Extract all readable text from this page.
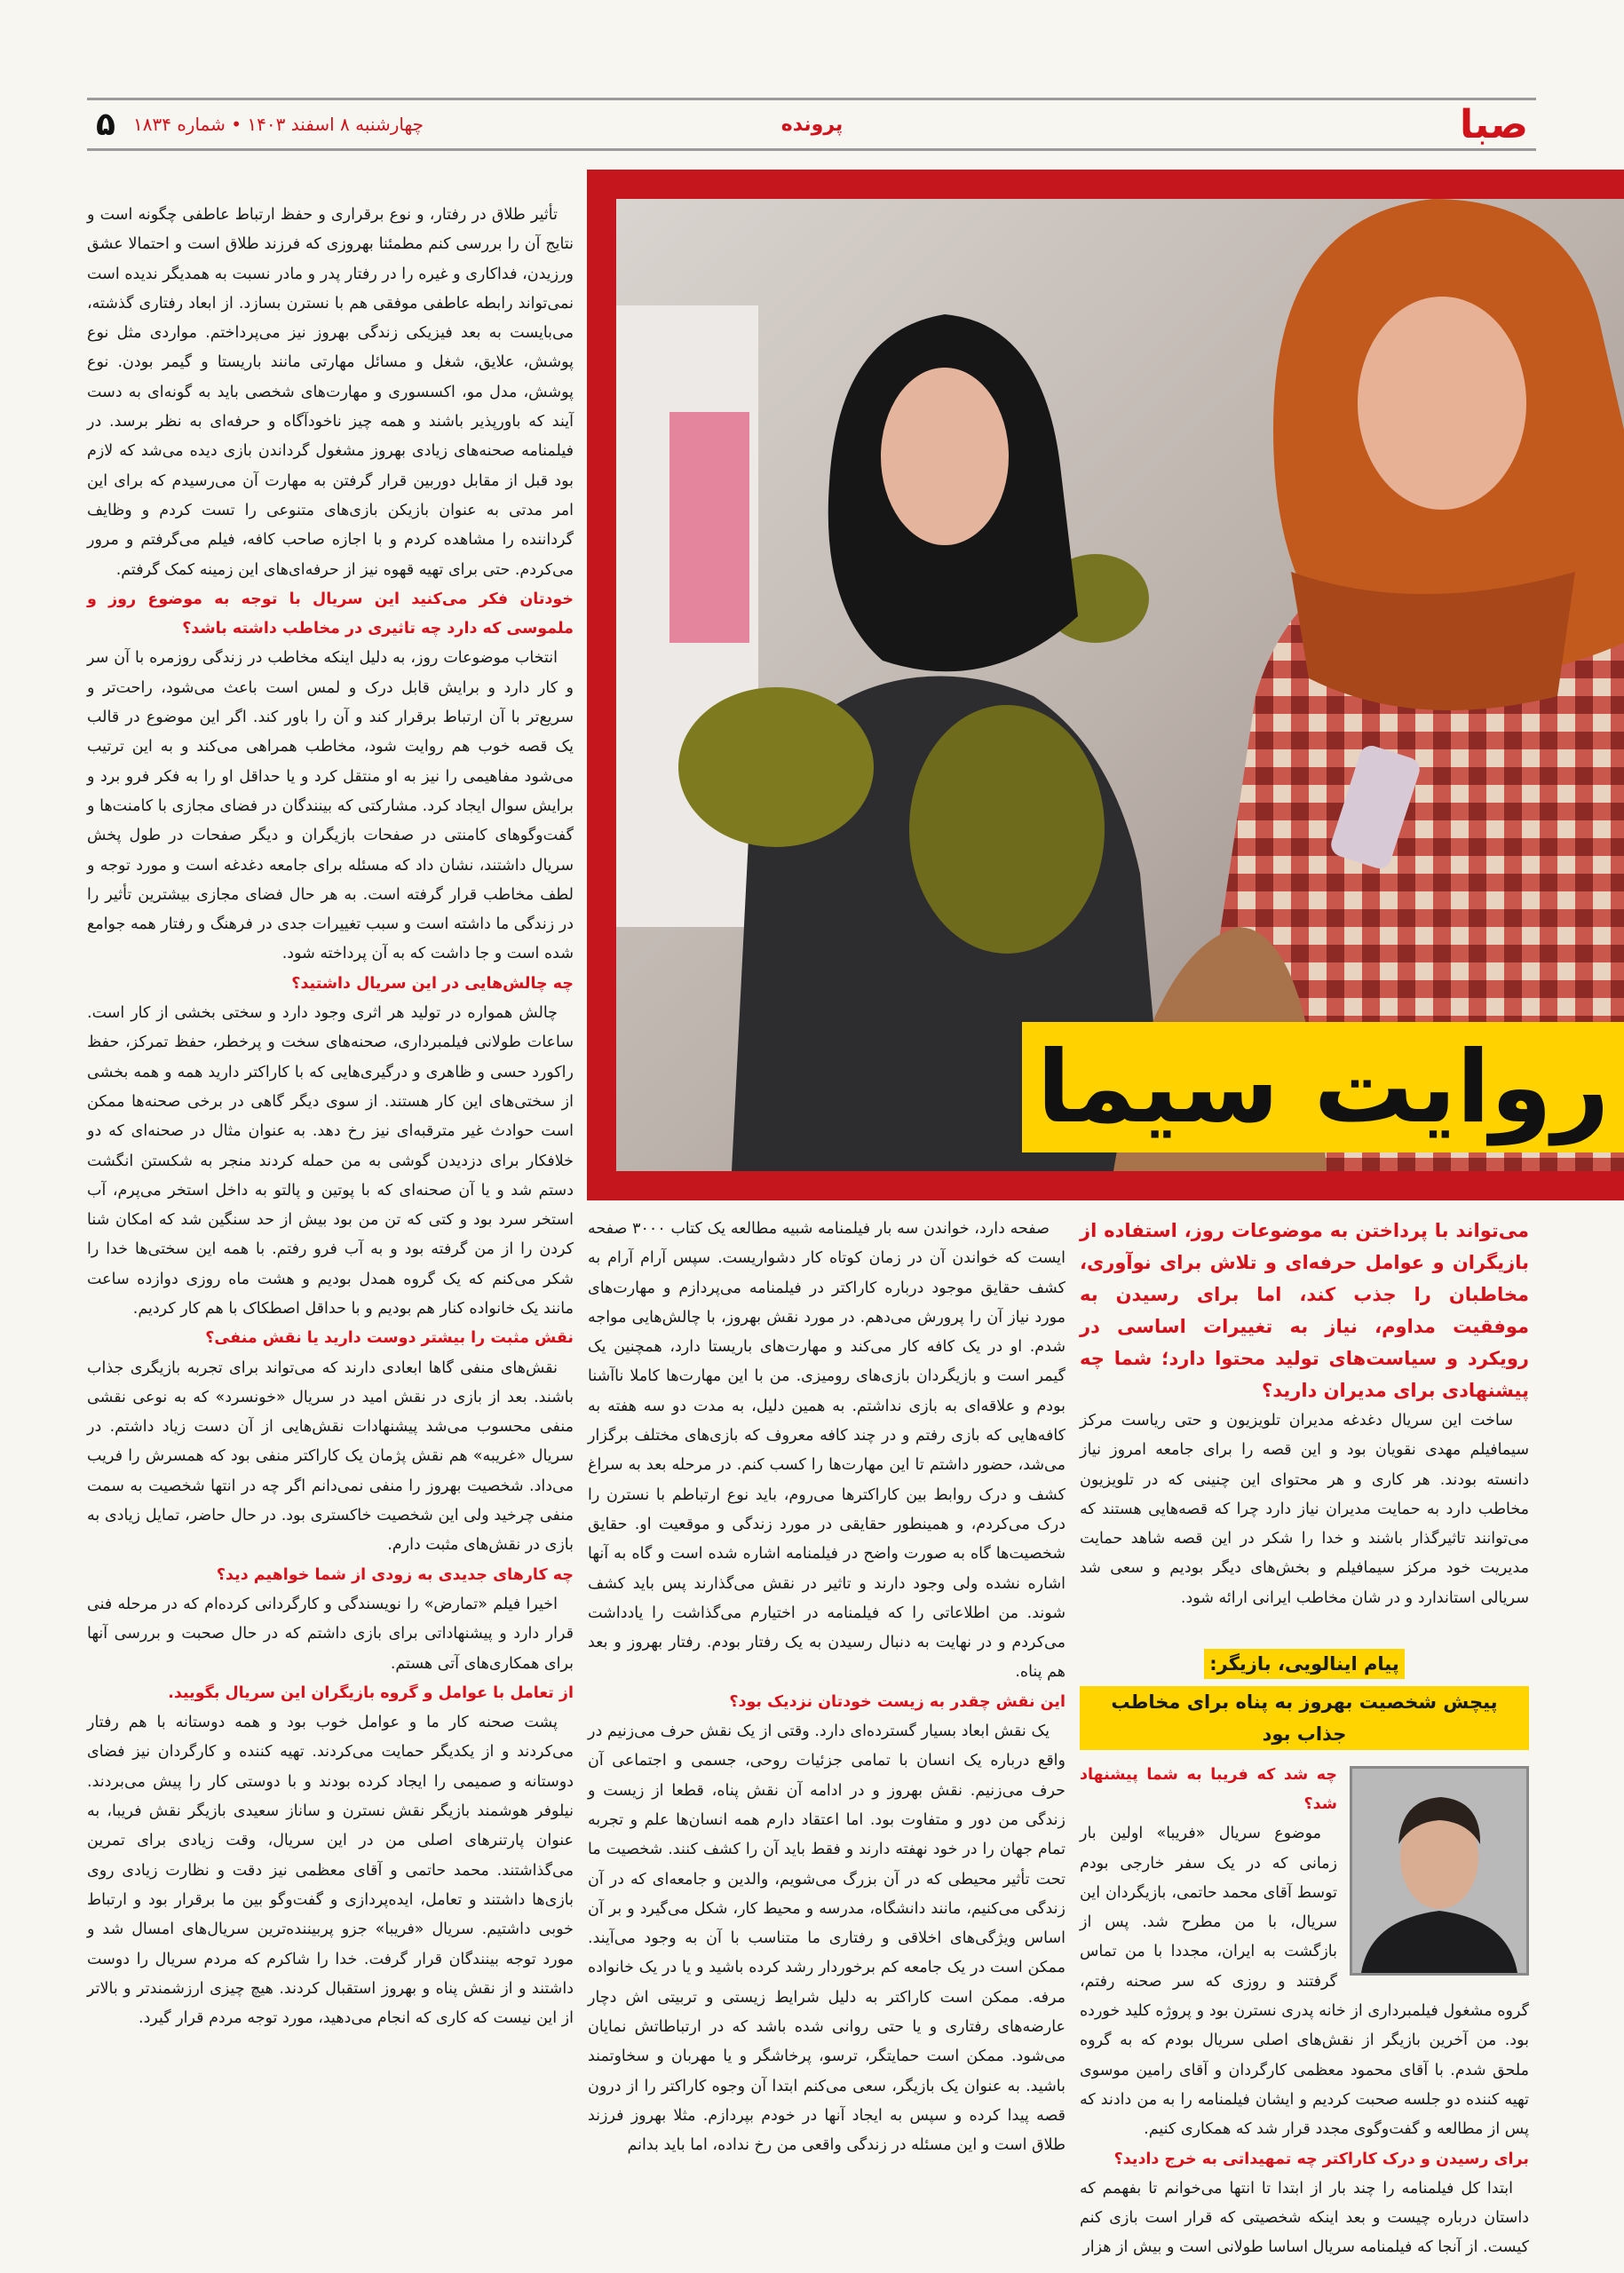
صبا
پرونده
چهارشنبه ۸ اسفند ۱۴۰۳ • شماره ۱۸۳۴
۵
روایت سیما

تأثیر طلاق در رفتار، و نوع برقراری و حفظ ارتباط عاطفی چگونه است و نتایج آن را بررسی کنم مطمئنا بهروزی که فرزند طلاق است و احتمالا عشق ورزیدن، فداکاری و غیره را در رفتار پدر و مادر نسبت به همدیگر ندیده است نمی‌تواند رابطه عاطفی موفقی هم با نسترن بسازد. از ابعاد رفتاری گذشته، می‌بایست به بعد فیزیکی زندگی بهروز نیز می‌پرداختم. مواردی مثل نوع پوشش، علایق، شغل و مسائل مهارتی مانند باریستا و گیمر بودن. نوع پوشش، مدل مو، اکسسوری و مهارت‌های شخصی باید به گونه‌ای به دست آیند که باورپذیر باشند و همه چیز ناخودآگاه و حرفه‌ای به نظر برسد. در فیلمنامه صحنه‌های زیادی بهروز مشغول گرداندن بازی دیده می‌شد که لازم بود قبل از مقابل دوربین قرار گرفتن به مهارت آن می‌رسیدم که برای این امر مدتی به عنوان بازیکن بازی‌های متنوعی را تست کردم و وظایف گرداننده را مشاهده کردم و با اجازه صاحب کافه، فیلم می‌گرفتم و مرور می‌کردم. حتی برای تهیه قهوه نیز از حرفه‌ای‌های این زمینه کمک گرفتم.

خودتان فکر می‌کنید این سریال با توجه به موضوع روز و ملموسی که دارد چه تاثیری در مخاطب داشته باشد؟

انتخاب موضوعات روز، به دلیل اینکه مخاطب در زندگی روزمره با آن سر و کار دارد و برایش قابل درک و لمس است باعث می‌شود، راحت‌تر و سریع‌تر با آن ارتباط برقرار کند و آن را باور کند. اگر این موضوع در قالب یک قصه خوب هم روایت شود، مخاطب همراهی می‌کند و به این ترتیب می‌شود مفاهیمی را نیز به او منتقل کرد و یا حداقل او را به فکر فرو برد و برایش سوال ایجاد کرد. مشارکتی که بینندگان در فضای مجازی با کامنت‌ها و گفت‌وگوهای کامنتی در صفحات بازیگران و دیگر صفحات در طول پخش سریال داشتند، نشان داد که مسئله برای جامعه دغدغه است و مورد توجه و لطف مخاطب قرار گرفته است. به هر حال فضای مجازی بیشترین تأثیر را در زندگی ما داشته است و سبب تغییرات جدی در فرهنگ و رفتار همه جوامع شده است و جا داشت که به آن پرداخته شود.

چه چالش‌هایی در این سریال داشتید؟

چالش همواره در تولید هر اثری وجود دارد و سختی بخشی از کار است. ساعات طولانی فیلمبرداری، صحنه‌های سخت و پرخطر، حفظ تمرکز، حفظ راکورد حسی و ظاهری و درگیری‌هایی که با کاراکتر دارید همه و همه بخشی از سختی‌های این کار هستند. از سوی دیگر گاهی در برخی صحنه‌ها ممکن است حوادث غیر مترقبه‌ای نیز رخ دهد. به عنوان مثال در صحنه‌ای که دو خلافکار برای دزدیدن گوشی به من حمله کردند منجر به شکستن انگشت دستم شد و یا آن صحنه‌ای که با پوتین و پالتو به داخل استخر می‌پرم، آب استخر سرد بود و کتی که تن من بود بیش از حد سنگین شد که امکان شنا کردن را از من گرفته بود و به آب فرو رفتم. با همه این سختی‌ها خدا را شکر می‌کنم که یک گروه همدل بودیم و هشت ماه روزی دوازده ساعت مانند یک خانواده کنار هم بودیم و با حداقل اصطکاک با هم کار کردیم.

نقش مثبت را بیشتر دوست دارید یا نقش منفی؟

نقش‌های منفی گاها ابعادی دارند که می‌تواند برای تجربه بازیگری جذاب باشند. بعد از بازی در نقش امید در سریال «خونسرد» که به نوعی نقشی منفی محسوب می‌شد پیشنهادات نقش‌هایی از آن دست زیاد داشتم. در سریال «غریبه» هم نقش پژمان یک کاراکتر منفی بود که همسرش را فریب می‌داد. شخصیت بهروز را منفی نمی‌دانم اگر چه در انتها شخصیت به سمت منفی چرخید ولی این شخصیت خاکستری بود. در حال حاضر، تمایل زیادی به بازی در نقش‌های مثبت دارم.

چه کارهای جدیدی به زودی از شما خواهیم دید؟

اخیرا فیلم «تمارض» را نویسندگی و کارگردانی کرده‌ام که در مرحله فنی قرار دارد و پیشنهاداتی برای بازی داشتم که در حال صحبت و بررسی آنها برای همکاری‌های آتی هستم.

از تعامل با عوامل و گروه بازیگران این سریال بگویید.

پشت صحنه کار ما و عوامل خوب بود و همه دوستانه با هم رفتار می‌کردند و از یکدیگر حمایت می‌کردند. تهیه کننده و کارگردان نیز فضای دوستانه و صمیمی را ایجاد کرده بودند و با دوستی کار را پیش می‌بردند. نیلوفر هوشمند بازیگر نقش نسترن و ساناز سعیدی بازیگر نقش فریبا، به عنوان پارتنرهای اصلی من در این سریال، وقت زیادی برای تمرین می‌گذاشتند. محمد حاتمی و آقای معظمی نیز دقت و نظارت زیادی روی بازی‌ها داشتند و تعامل، ایده‌پردازی و گفت‌وگو بین ما برقرار بود و ارتباط خوبی داشتیم. سریال «فریبا» جزو پربیننده‌ترین سریال‌های امسال شد و مورد توجه بینندگان قرار گرفت. خدا را شاکرم که مردم سریال را دوست داشتند و از نقش پناه و بهروز استقبال کردند. هیچ چیزی ارزشمندتر و بالاتر از این نیست که کاری که انجام می‌دهید، مورد توجه مردم قرار گیرد.

صفحه دارد، خواندن سه بار فیلمنامه شبیه مطالعه یک کتاب ۳۰۰۰ صفحه ایست که خواندن آن در زمان کوتاه کار دشواریست. سپس آرام آرام به کشف حقایق موجود درباره کاراکتر در فیلمنامه می‌پردازم و مهارت‌های مورد نیاز آن را پرورش می‌دهم. در مورد نقش بهروز، با چالش‌هایی مواجه شدم. او در یک کافه کار می‌کند و مهارت‌های باریستا دارد، همچنین یک گیمر است و بازیگردان بازی‌های رومیزی. من با این مهارت‌ها کاملا ناآشنا بودم و علاقه‌ای به بازی نداشتم. به همین دلیل، به مدت دو سه هفته به کافه‌هایی که بازی رفتم و در چند کافه معروف که بازی‌های مختلف برگزار می‌شد، حضور داشتم تا این مهارت‌ها را کسب کنم. در مرحله بعد به سراغ کشف و درک روابط بین کاراکترها می‌روم، باید نوع ارتباطم با نسترن را درک می‌کردم، و همینطور حقایقی در مورد زندگی و موقعیت او. حقایق شخصیت‌ها گاه به صورت واضح در فیلمنامه اشاره شده است و گاه به آنها اشاره نشده ولی وجود دارند و تاثیر در نقش می‌گذارند پس باید کشف شوند. من اطلاعاتی را که فیلمنامه در اختیارم می‌گذاشت را یادداشت می‌کردم و در نهایت به دنبال رسیدن به یک رفتار بودم. رفتار بهروز و بعد هم پناه.

این نقش چقدر به زیست خودتان نزدیک بود؟

یک نقش ابعاد بسیار گسترده‌ای دارد. وقتی از یک نقش حرف می‌زنیم در واقع درباره یک انسان با تمامی جزئیات روحی، جسمی و اجتماعی آن حرف می‌زنیم. نقش بهروز و در ادامه آن نقش پناه، قطعا از زیست و زندگی من دور و متفاوت بود. اما اعتقاد دارم همه انسان‌ها علم و تجربه تمام جهان را در خود نهفته دارند و فقط باید آن را کشف کنند. شخصیت ما تحت تأثیر محیطی که در آن بزرگ می‌شویم، والدین و جامعه‌ای که در آن زندگی می‌کنیم، مانند دانشگاه، مدرسه و محیط کار، شکل می‌گیرد و بر آن اساس ویژگی‌های اخلاقی و رفتاری ما متناسب با آن به وجود می‌آیند. ممکن است در یک جامعه کم برخوردار رشد کرده باشید و یا در یک خانواده مرفه. ممکن است کاراکتر به دلیل شرایط زیستی و تربیتی اش دچار عارضه‌های رفتاری و یا حتی روانی شده باشد که در ارتباطاتش نمایان می‌شود. ممکن است حمایتگر، ترسو، پرخاشگر و یا مهربان و سخاوتمند باشید. به عنوان یک بازیگر، سعی می‌کنم ابتدا آن وجوه کاراکتر را از درون قصه پیدا کرده و سپس به ایجاد آنها در خودم بپردازم. مثلا بهروز فرزند طلاق است و این مسئله در زندگی واقعی من رخ نداده، اما باید بدانم

می‌تواند با پرداختن به موضوعات روز، استفاده از بازیگران و عوامل حرفه‌ای و تلاش برای نوآوری، مخاطبان را جذب کند، اما برای رسیدن به موفقیت مداوم، نیاز به تغییرات اساسی در رویکرد و سیاست‌های تولید محتوا دارد؛ شما چه پیشنهادی برای مدیران دارید؟

ساخت این سریال دغدغه مدیران تلویزیون و حتی ریاست مرکز سیمافیلم مهدی نقویان بود و این قصه را برای جامعه امروز نیاز دانسته بودند. هر کاری و هر محتوای این چنینی که در تلویزیون مخاطب دارد به حمایت مدیران نیاز دارد چرا که قصه‌هایی هستند که می‌توانند تاثیرگذار باشند و خدا را شکر در این قصه شاهد حمایت مدیریت خود مرکز سیمافیلم و بخش‌های دیگر بودیم و سعی شد سریالی استاندارد و در شان مخاطب ایرانی ارائه شود.

پیام اینالویی، بازیگر:
پیچش شخصیت بهروز به پناه برای مخاطب جذاب بود

چه شد که فریبا به شما پیشنهاد شد؟

موضوع سریال «فریبا» اولین بار زمانی که در یک سفر خارجی بودم توسط آقای محمد حاتمی، بازیگردان این سریال، با من مطرح شد. پس از بازگشت به ایران، مجددا با من تماس گرفتند و روزی که سر صحنه رفتم، گروه مشغول فیلمبرداری از خانه پدری نسترن بود و پروژه کلید خورده بود. من آخرین بازیگر از نقش‌های اصلی سریال بودم که به گروه ملحق شدم. با آقای محمود معظمی کارگردان و آقای رامین موسوی تهیه کننده دو جلسه صحبت کردیم و ایشان فیلمنامه را به من دادند که پس از مطالعه و گفت‌وگوی مجدد قرار شد که همکاری کنیم.

برای رسیدن و درک کاراکتر چه تمهیداتی به خرج دادید؟

ابتدا کل فیلمنامه را چند بار از ابتدا تا انتها می‌خوانم تا بفهمم که داستان درباره چیست و بعد اینکه شخصیتی که قرار است بازی کنم کیست. از آنجا که فیلمنامه سریال اساسا طولانی است و بیش از هزار
